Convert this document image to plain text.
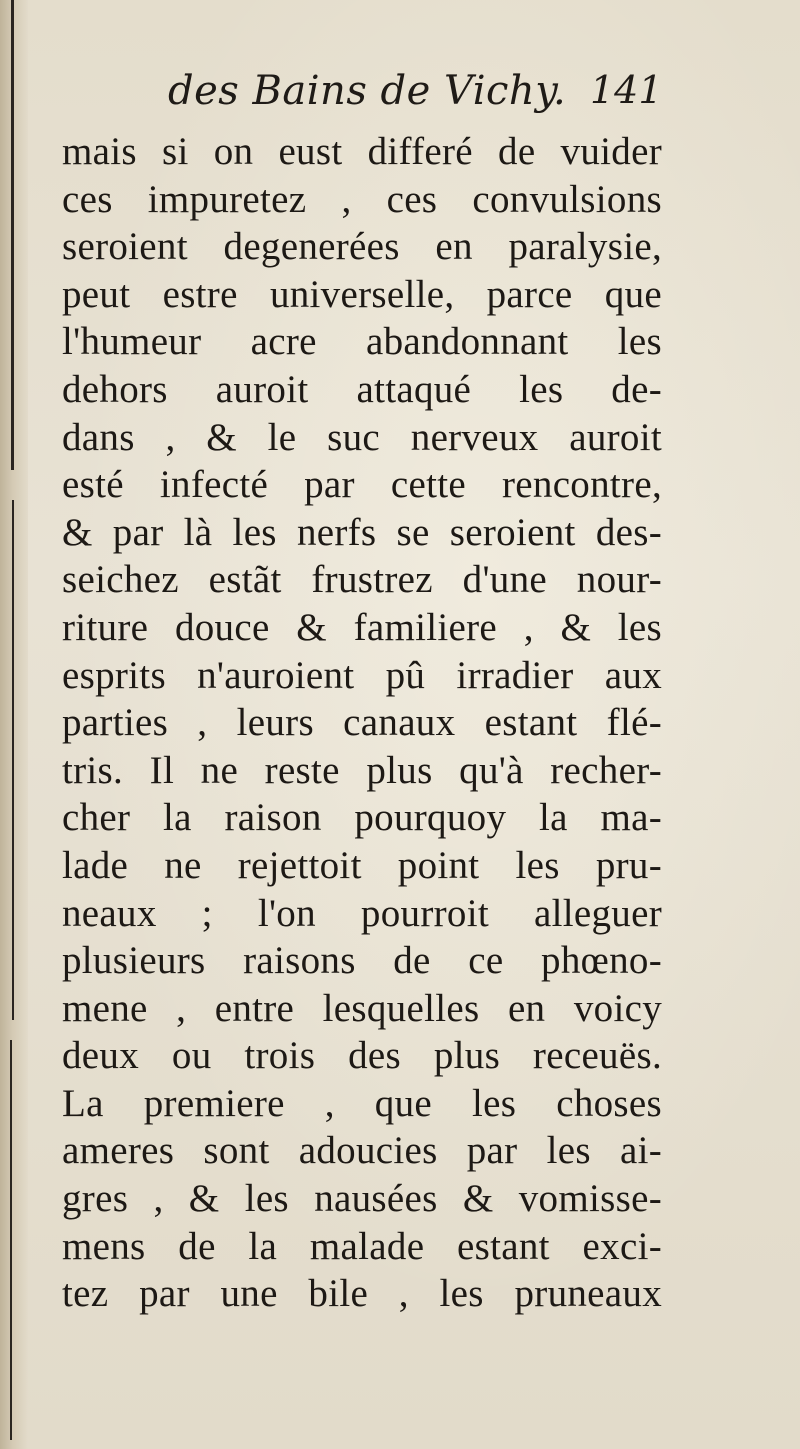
des Bains de Vichy. 141
mais si on eust differé de vuider
ces impuretez , ces convulsions
seroient degenerées en paralysie,
peut estre universelle, parce que
l'humeur acre abandonnant les
dehors auroit attaqué les de-
dans , & le suc nerveux auroit
esté infecté par cette rencontre,
& par là les nerfs se seroient des-
seichez estãt frustrez d'une nour-
riture douce & familiere , & les
esprits n'auroient pû irradier aux
parties , leurs canaux estant flé-
tris. Il ne reste plus qu'à recher-
cher la raison pourquoy la ma-
lade ne rejettoit point les pru-
neaux ; l'on pourroit alleguer
plusieurs raisons de ce phœno-
mene , entre lesquelles en voicy
deux ou trois des plus receuës.
La premiere , que les choses
ameres sont adoucies par les ai-
gres , & les nausées & vomisse-
mens de la malade estant exci-
tez par une bile , les pruneaux
